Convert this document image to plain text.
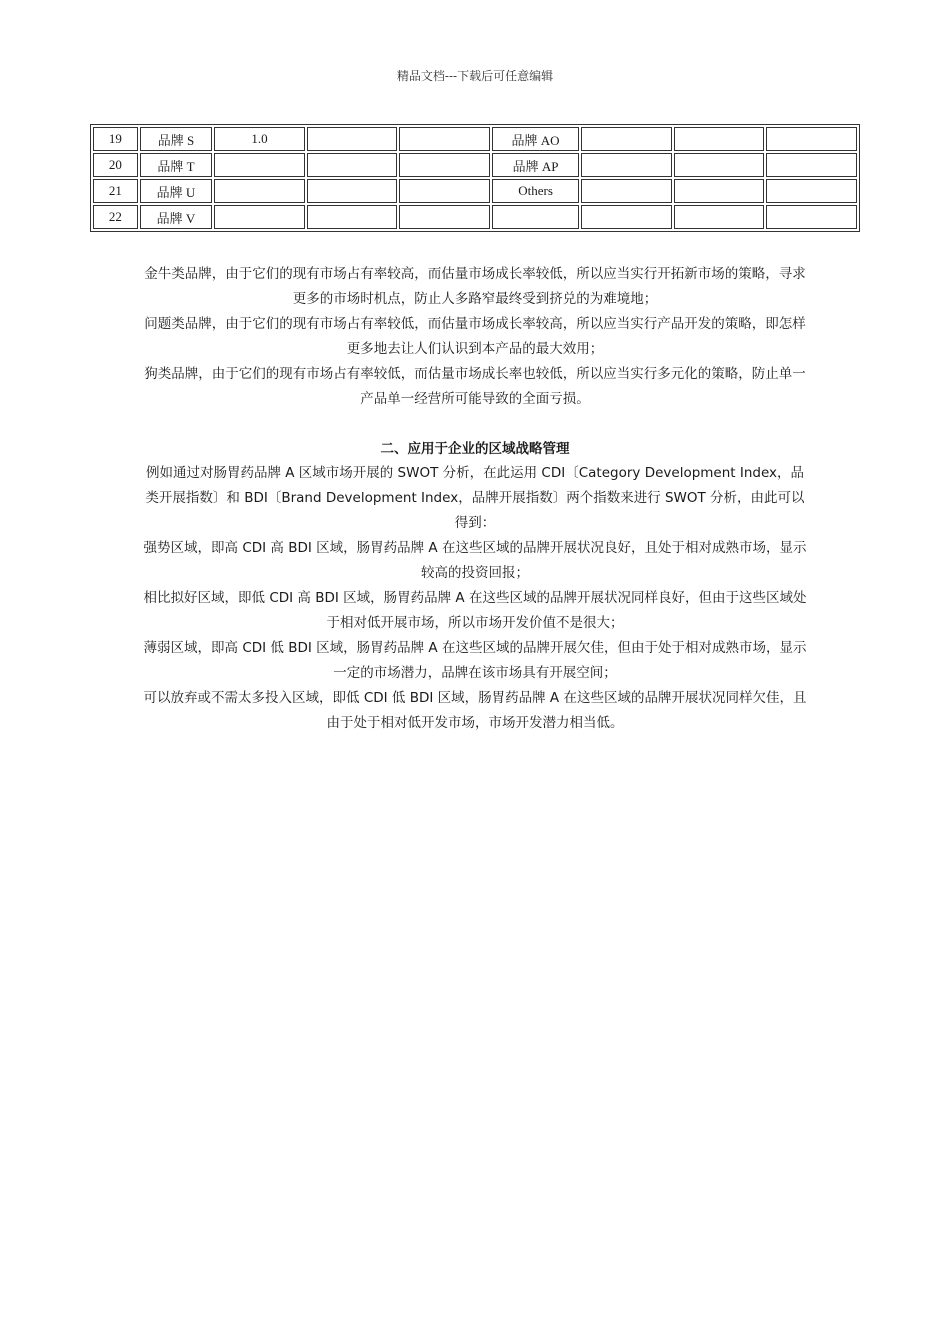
精品文档---下载后可任意编辑
19	品牌 S	1.0			品牌 AO			
20	品牌 T				品牌 AP			
21	品牌 U				Others			
22	品牌 V							

金牛类品牌，由于它们的现有市场占有率较高，而估量市场成长率较低，所以应当实行开拓新市场的策略，寻求更多的市场时机点，防止人多路窄最终受到挤兑的为难境地；

问题类品牌，由于它们的现有市场占有率较低，而估量市场成长率较高，所以应当实行产品开发的策略，即怎样更多地去让人们认识到本产品的最大效用；

狗类品牌，由于它们的现有市场占有率较低，而估量市场成长率也较低，所以应当实行多元化的策略，防止单一产品单一经营所可能导致的全面亏损。

二、应用于企业的区域战略管理

例如通过对肠胃药品牌 A 区域市场开展的 SWOT 分析，在此运用 CDI〔Category Development Index，品类开展指数〕和 BDI〔Brand Development Index，品牌开展指数〕两个指数来进行 SWOT 分析，由此可以得到：

强势区域，即高 CDI 高 BDI 区域，肠胃药品牌 A 在这些区域的品牌开展状况良好，且处于相对成熟市场，显示较高的投资回报；

相比拟好区域，即低 CDI 高 BDI 区域，肠胃药品牌 A 在这些区域的品牌开展状况同样良好，但由于这些区域处于相对低开展市场，所以市场开发价值不是很大；

薄弱区域，即高 CDI 低 BDI 区域，肠胃药品牌 A 在这些区域的品牌开展欠佳，但由于处于相对成熟市场，显示一定的市场潜力，品牌在该市场具有开展空间；

可以放弃或不需太多投入区域，即低 CDI 低 BDI 区域，肠胃药品牌 A 在这些区域的品牌开展状况同样欠佳，且由于处于相对低开发市场，市场开发潜力相当低。
